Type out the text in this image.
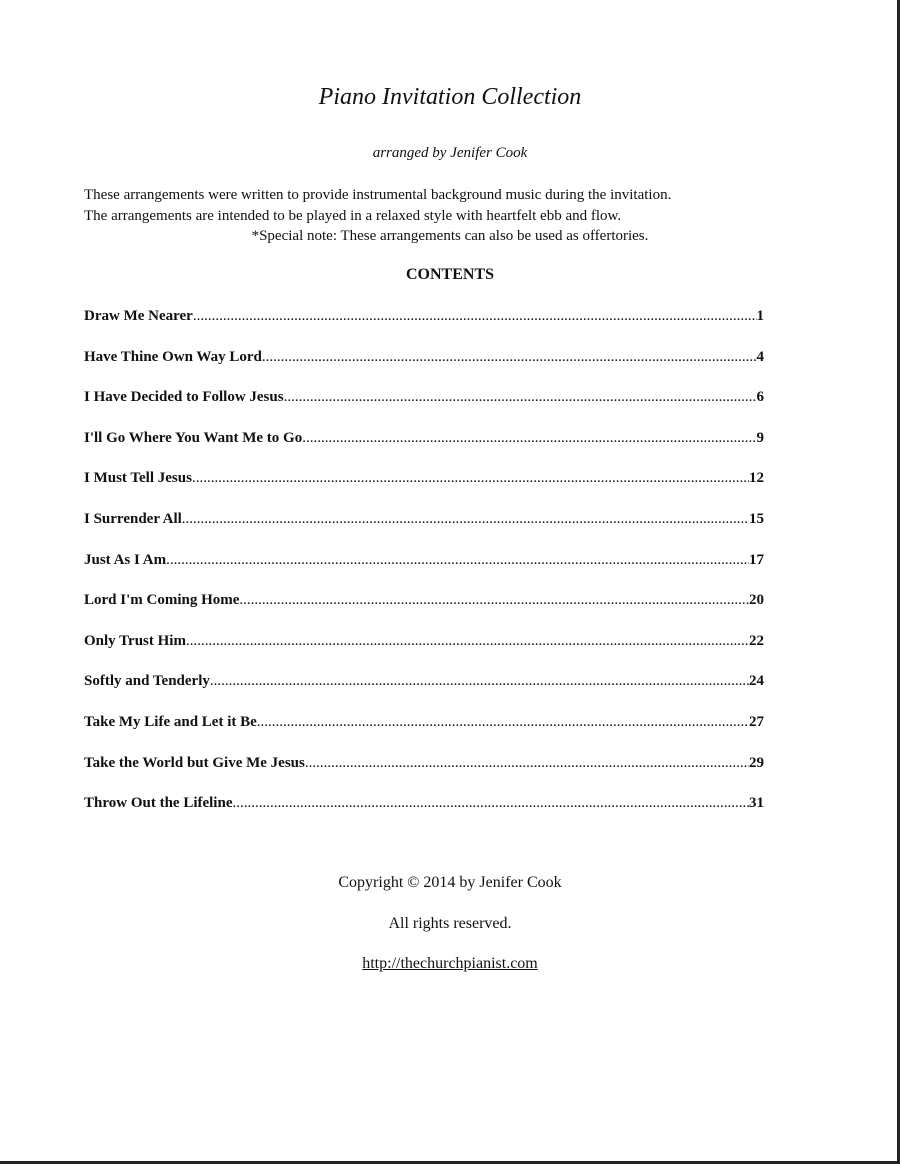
Piano Invitation Collection
arranged by Jenifer Cook
These arrangements were written to provide instrumental background music during the invitation.
The arrangements are intended to be played in a relaxed style with heartfelt ebb and flow.
*Special note: These arrangements can also be used as offertories.
CONTENTS
Draw Me Nearer .....	1
Have Thine Own Way Lord .....	4
I Have Decided to Follow Jesus .....	6
I'll Go Where You Want Me to Go .....	9
I Must Tell Jesus .....	12
I Surrender All .....	15
Just As I Am .....	17
Lord I'm Coming Home .....	20
Only Trust Him .....	22
Softly and Tenderly .....	24
Take My Life and Let it Be .....	27
Take the World but Give Me Jesus .....	29
Throw Out the Lifeline .....	31
Copyright © 2014 by Jenifer Cook
All rights reserved.
http://thechurchpianist.com
